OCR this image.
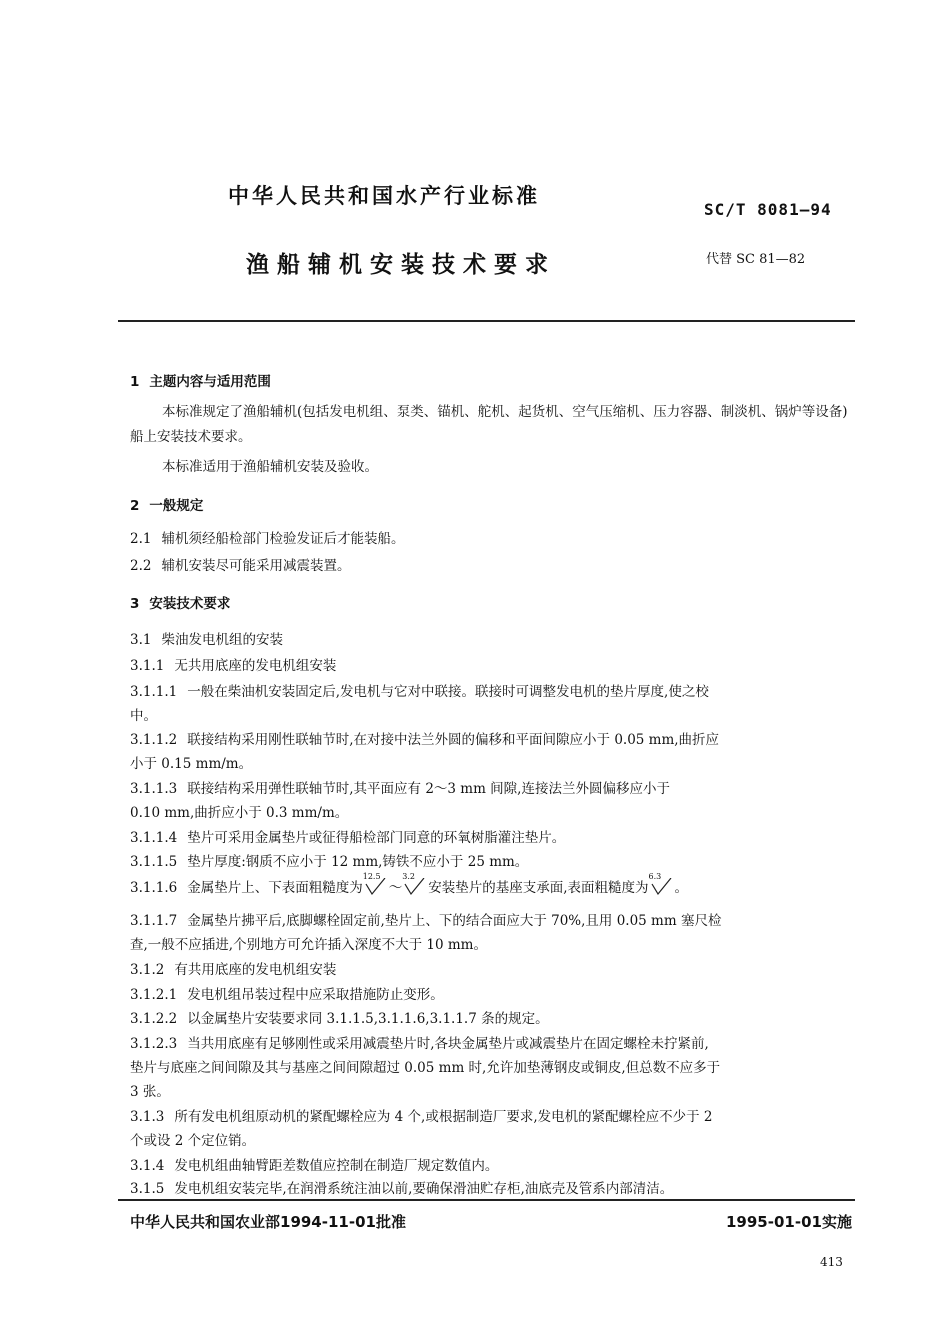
中华人民共和国水产行业标准
SC/T 8081—94
渔船辅机安装技术要求	代替 SC 81—82
1 主题内容与适用范围
本标准规定了渔船辅机(包括发电机组、泵类、锚机、舵机、起货机、空气压缩机、压力容器、制淡机、锅炉等设备)船上安装技术要求。
本标准适用于渔船辅机安装及验收。
2 一般规定
2.1 辅机须经船检部门检验发证后才能装船。
2.2 辅机安装尽可能采用减震装置。
3 安装技术要求
3.1 柴油发电机组的安装
3.1.1 无共用底座的发电机组安装
3.1.1.1 一般在柴油机安装固定后,发电机与它对中联接。联接时可调整发电机的垫片厚度,使之校
中。
3.1.1.2 联接结构采用刚性联轴节时,在对接中法兰外圆的偏移和平面间隙应小于 0.05 mm,曲折应
小于 0.15 mm/m。
3.1.1.3 联接结构采用弹性联轴节时,其平面应有 2～3 mm 间隙,连接法兰外圆偏移应小于
0.10 mm,曲折应小于 0.3 mm/m。
3.1.1.4 垫片可采用金属垫片或征得船检部门同意的环氧树脂灌注垫片。
3.1.1.5 垫片厚度:钢质不应小于 12 mm,铸铁不应小于 25 mm。
3.1.1.6 金属垫片上、下表面粗糙度为
12.5
～
3.2
安装垫片的基座支承面,表面粗糙度为
6.3
。
3.1.1.7 金属垫片拂平后,底脚螺栓固定前,垫片上、下的结合面应大于 70%,且用 0.05 mm 塞尺检
查,一般不应插进,个别地方可允许插入深度不大于 10 mm。
3.1.2 有共用底座的发电机组安装
3.1.2.1 发电机组吊装过程中应采取措施防止变形。
3.1.2.2 以金属垫片安装要求同 3.1.1.5,3.1.1.6,3.1.1.7 条的规定。
3.1.2.3 当共用底座有足够刚性或采用减震垫片时,各块金属垫片或减震垫片在固定螺栓未拧紧前,
垫片与底座之间间隙及其与基座之间间隙超过 0.05 mm 时,允许加垫薄钢皮或铜皮,但总数不应多于
3 张。
3.1.3 所有发电机组原动机的紧配螺栓应为 4 个,或根据制造厂要求,发电机的紧配螺栓应不少于 2
个或设 2 个定位销。
3.1.4 发电机组曲轴臂距差数值应控制在制造厂规定数值内。
3.1.5 发电机组安装完毕,在润滑系统注油以前,要确保滑油贮存柜,油底壳及管系内部清洁。
中华人民共和国农业部1994-11-01批准	1995-01-01实施
413
